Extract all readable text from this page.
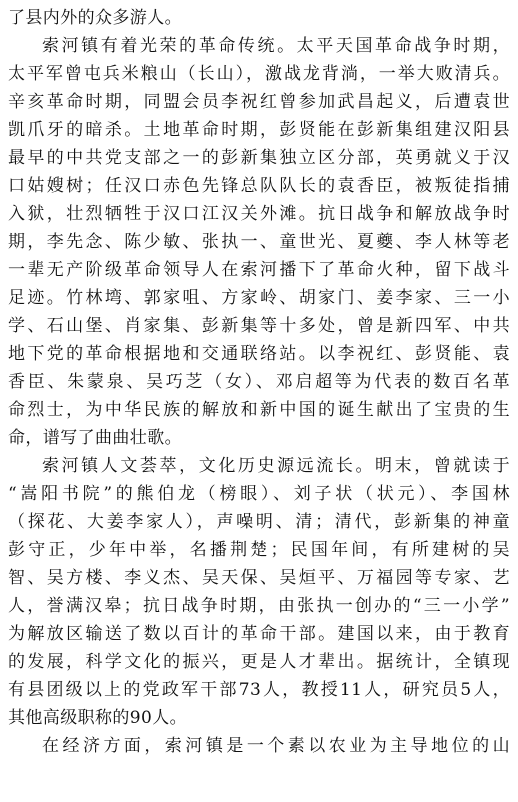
了县内外的众多游人。
索河镇有着光荣的革命传统。太平天国革命战争时期，
太平军曾屯兵米粮山（长山），激战龙背淌，一举大败清兵。
辛亥革命时期，同盟会员李祝红曾参加武昌起义，后遭袁世
凯爪牙的暗杀。土地革命时期，彭贤能在彭新集组建汉阳县
最早的中共党支部之一的彭新集独立区分部，英勇就义于汉
口姑嫂树；任汉口赤色先锋总队队长的袁香臣，被叛徒指捕
入狱，壮烈牺牲于汉口江汉关外滩。抗日战争和解放战争时
期，李先念、陈少敏、张执一、童世光、夏夔、李人林等老
一辈无产阶级革命领导人在索河播下了革命火种，留下战斗
足迹。竹林塆、郭家咀、方家岭、胡家门、姜李家、三一小
学、石山堡、肖家集、彭新集等十多处，曾是新四军、中共
地下党的革命根据地和交通联络站。以李祝红、彭贤能、袁
香臣、朱蒙泉、吴巧芝（女）、邓启超等为代表的数百名革
命烈士，为中华民族的解放和新中国的诞生献出了宝贵的生
命，谱写了曲曲壮歌。
索河镇人文荟萃，文化历史源远流长。明末，曾就读于
“嵩阳书院”的熊伯龙（榜眼）、刘子状（状元）、李国林
（探花、大姜李家人），声噪明、清；清代，彭新集的神童
彭守正，少年中举，名播荆楚；民国年间，有所建树的吴
智、吴方楼、李义杰、吴天保、吴烜平、万福园等专家、艺
人，誉满汉皋；抗日战争时期，由张执一创办的“三一小学”
为解放区输送了数以百计的革命干部。建国以来，由于教育
的发展，科学文化的振兴，更是人才辈出。据统计，全镇现
有县团级以上的党政军干部73人，教授11人，研究员5人，
其他高级职称的90人。
在经济方面，索河镇是一个素以农业为主导地位的山
